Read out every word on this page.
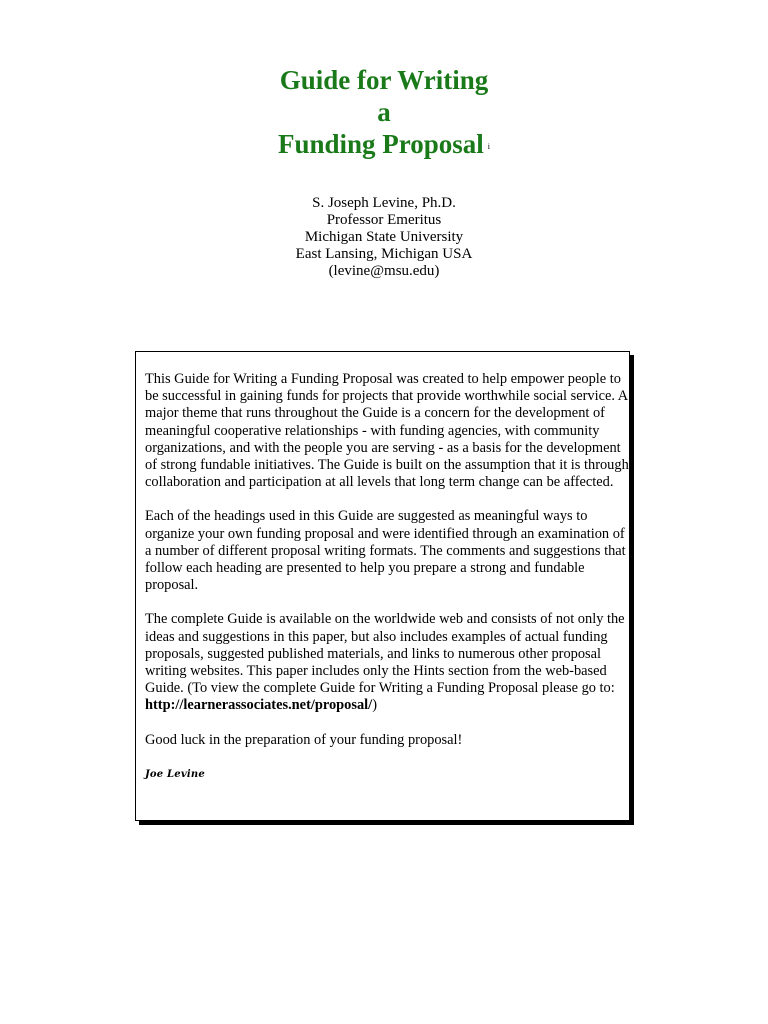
Guide for Writing

a

Funding Proposal i

S. Joseph Levine, Ph.D.

Professor Emeritus

Michigan State University

East Lansing, Michigan USA

(levine@msu.edu)

This Guide for Writing a Funding Proposal was created to help empower people to be successful in gaining funds for projects that provide worthwhile social service. A major theme that runs throughout the Guide is a concern for the development of meaningful cooperative relationships - with funding agencies, with community organizations, and with the people you are serving - as a basis for the development of strong fundable initiatives. The Guide is built on the assumption that it is through collaboration and participation at all levels that long term change can be affected.

Each of the headings used in this Guide are suggested as meaningful ways to organize your own funding proposal and were identified through an examination of a number of different proposal writing formats. The comments and suggestions that follow each heading are presented to help you prepare a strong and fundable proposal.

The complete Guide is available on the worldwide web and consists of not only the ideas and suggestions in this paper, but also includes examples of actual funding proposals, suggested published materials, and links to numerous other proposal writing websites. This paper includes only the Hints section from the web-based Guide. (To view the complete Guide for Writing a Funding Proposal please go to: http://learnerassociates.net/proposal/)

Good luck in the preparation of your funding proposal!

Joe Levine
